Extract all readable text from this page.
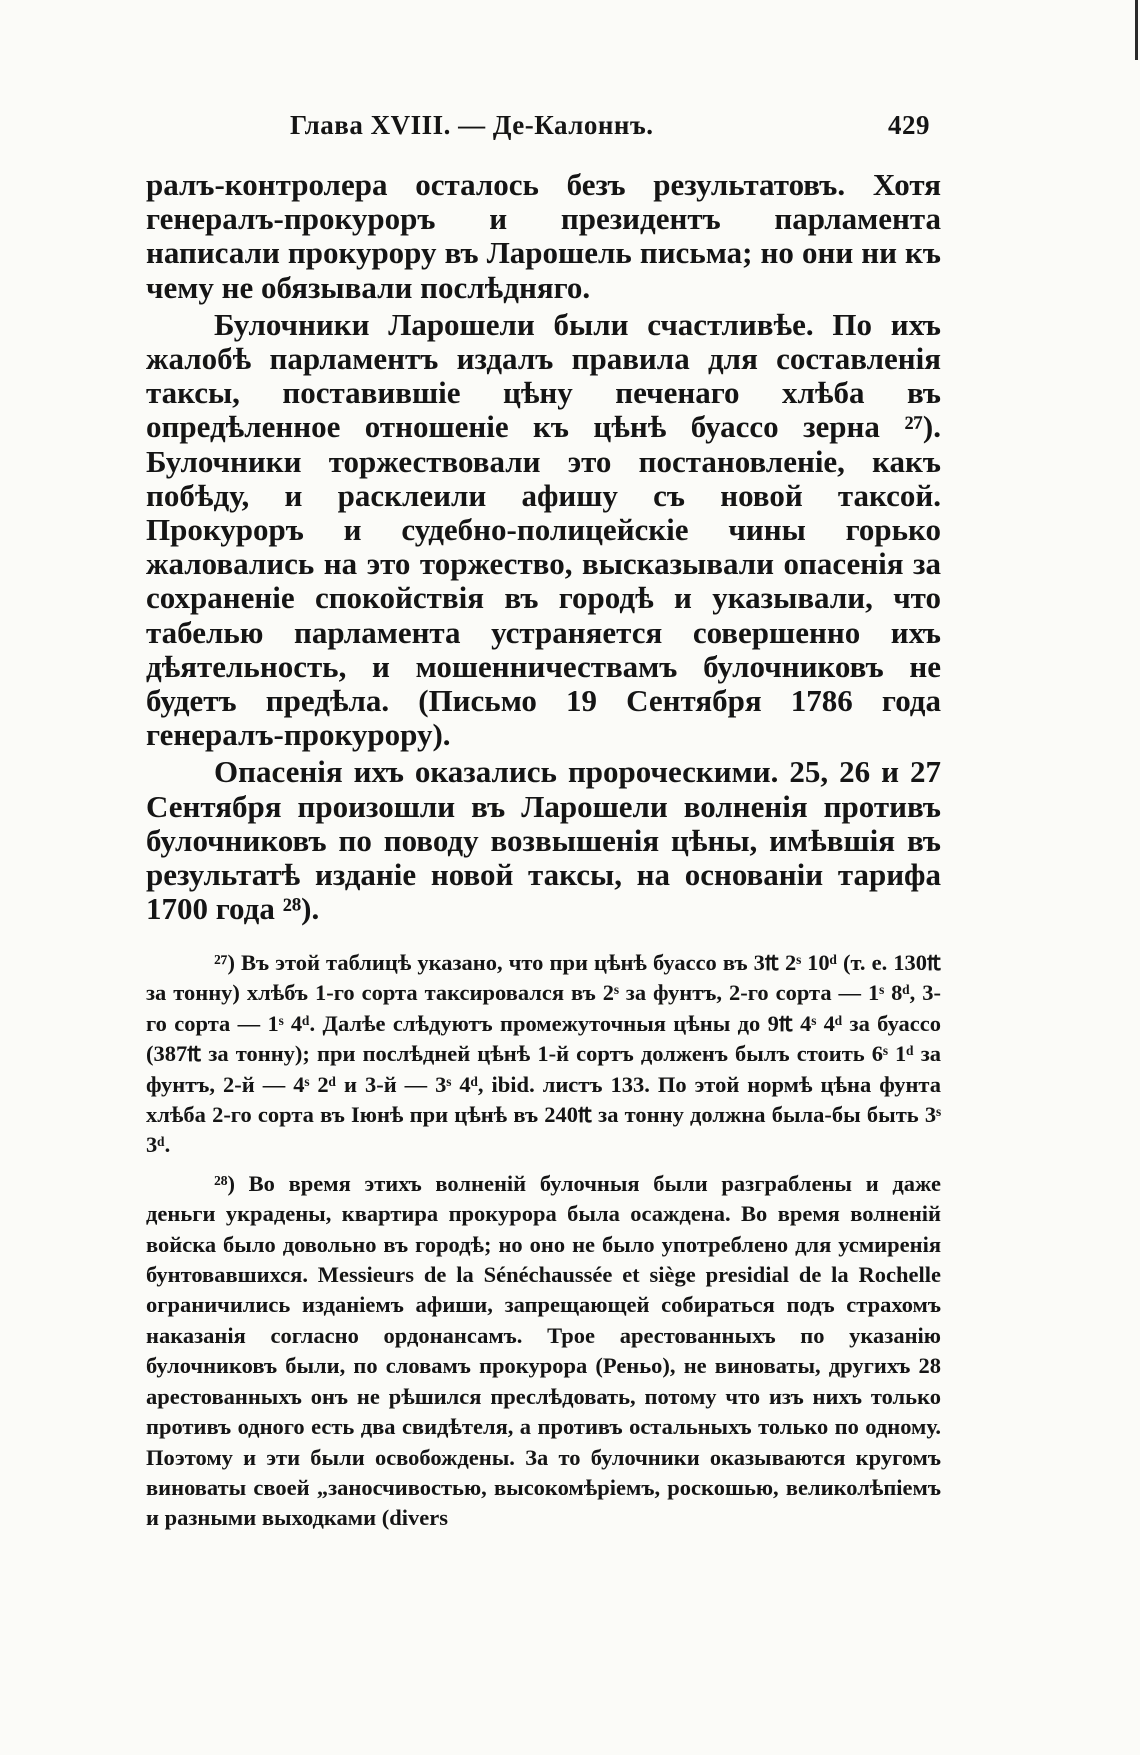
Глава XVIII. — Де-Калоннъ.	429

ралъ-контролера осталось безъ результатовъ. Хотя генералъ-прокуроръ и президентъ парламента написали прокурору въ Ларошель письма; но они ни къ чему не обязывали послѣдняго.

Булочники Ларошели были счастливѣе. По ихъ жалобѣ парламентъ издалъ правила для составленія таксы, поставившіе цѣну печенаго хлѣба въ опредѣленное отношеніе къ цѣнѣ буассо зерна ²⁷). Булочники торжествовали это постановленіе, какъ побѣду, и расклеили афишу съ новой таксой. Прокуроръ и судебно-полицейскіе чины горько жаловались на это торжество, высказывали опасенія за сохраненіе спокойствія въ городѣ и указывали, что табелью парламента устраняется совершенно ихъ дѣятельность, и мошенничествамъ булочниковъ не будетъ предѣла. (Письмо 19 Сентября 1786 года генералъ-прокурору).

Опасенія ихъ оказались пророческими. 25, 26 и 27 Сентября произошли въ Ларошели волненія противъ булочниковъ по поводу возвышенія цѣны, имѣвшія въ результатѣ изданіе новой таксы, на основаніи тарифа 1700 года ²⁸).

²⁷) Въ этой таблицѣ указано, что при цѣнѣ буассо въ 3₶ 2ˢ 10ᵈ (т. е. 130₶ за тонну) хлѣбъ 1-го сорта таксировался въ 2ˢ за фунтъ, 2-го сорта — 1ˢ 8ᵈ, 3-го сорта — 1ˢ 4ᵈ. Далѣе слѣдуютъ промежуточныя цѣны до 9₶ 4ˢ 4ᵈ за буассо (387₶ за тонну); при послѣдней цѣнѣ 1-й сортъ долженъ былъ стоить 6ˢ 1ᵈ за фунтъ, 2-й — 4ˢ 2ᵈ и 3-й — 3ˢ 4ᵈ, ibid. листъ 133. По этой нормѣ цѣна фунта хлѣба 2-го сорта въ Іюнѣ при цѣнѣ въ 240₶ за тонну должна была-бы быть 3ˢ 3ᵈ.

²⁸) Во время этихъ волненій булочныя были разграблены и даже деньги украдены, квартира прокурора была осаждена. Во время волненій войска было довольно въ городѣ; но оно не было употреблено для усмиренія бунтовавшихся. Messieurs de la Sénéchaussée et siège presidial de la Rochelle ограничились изданіемъ афиши, запрещающей собираться подъ страхомъ наказанія согласно ордонансамъ. Трое арестованныхъ по указанію булочниковъ были, по словамъ прокурора (Реньо), не виноваты, другихъ 28 арестованныхъ онъ не рѣшился преслѣдовать, потому что изъ нихъ только противъ одного есть два свидѣтеля, а противъ остальныхъ только по одному. Поэтому и эти были освобождены. За то булочники оказываются кругомъ виноваты своей „заносчивостью, высокомѣріемъ, роскошью, великолѣпіемъ и разными выходками (divers
